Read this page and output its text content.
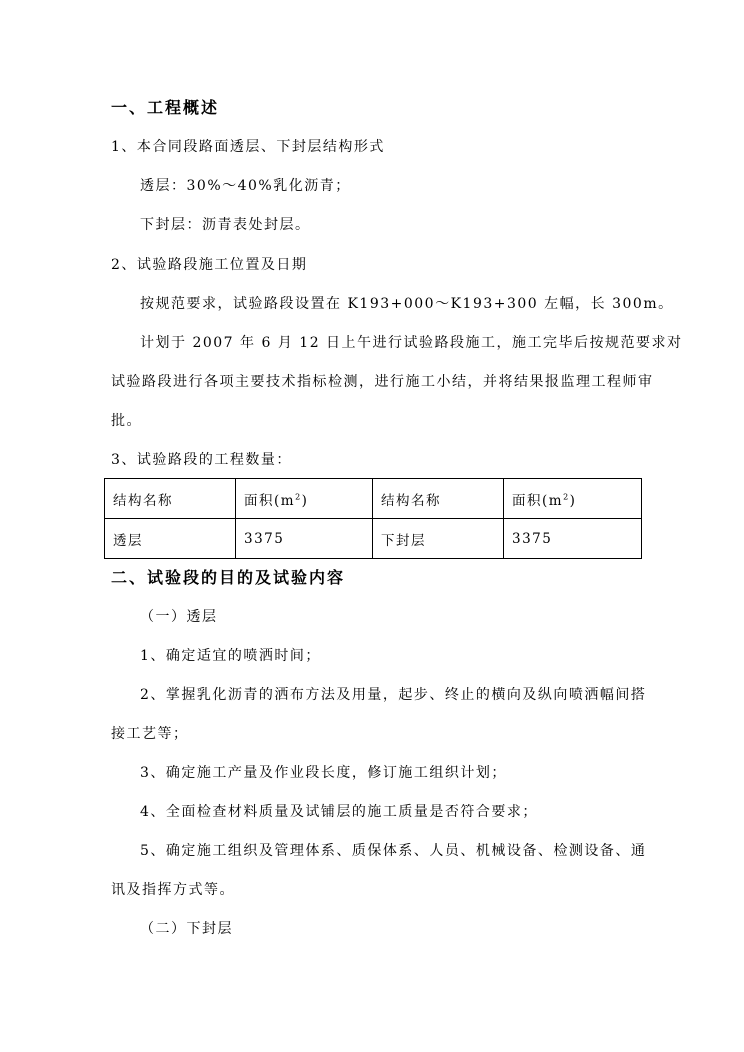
一、工程概述
1、本合同段路面透层、下封层结构形式
透层：30%～40%乳化沥青；
下封层：沥青表处封层。
2、试验路段施工位置及日期
按规范要求，试验路段设置在 K193+000～K193+300 左幅，长 300m。
计划于 2007 年 6 月 12 日上午进行试验路段施工，施工完毕后按规范要求对
试验路段进行各项主要技术指标检测，进行施工小结，并将结果报监理工程师审
批。
3、试验路段的工程数量：
结构名称	面积$(m^2)$	结构名称	面积$(m^2)$
透层	3375	下封层	3375
二、试验段的目的及试验内容
（一）透层
1、确定适宜的喷洒时间；
2、掌握乳化沥青的洒布方法及用量，起步、终止的横向及纵向喷洒幅间搭
接工艺等；
3、确定施工产量及作业段长度，修订施工组织计划；
4、全面检查材料质量及试铺层的施工质量是否符合要求；
5、确定施工组织及管理体系、质保体系、人员、机械设备、检测设备、通
讯及指挥方式等。
（二）下封层
